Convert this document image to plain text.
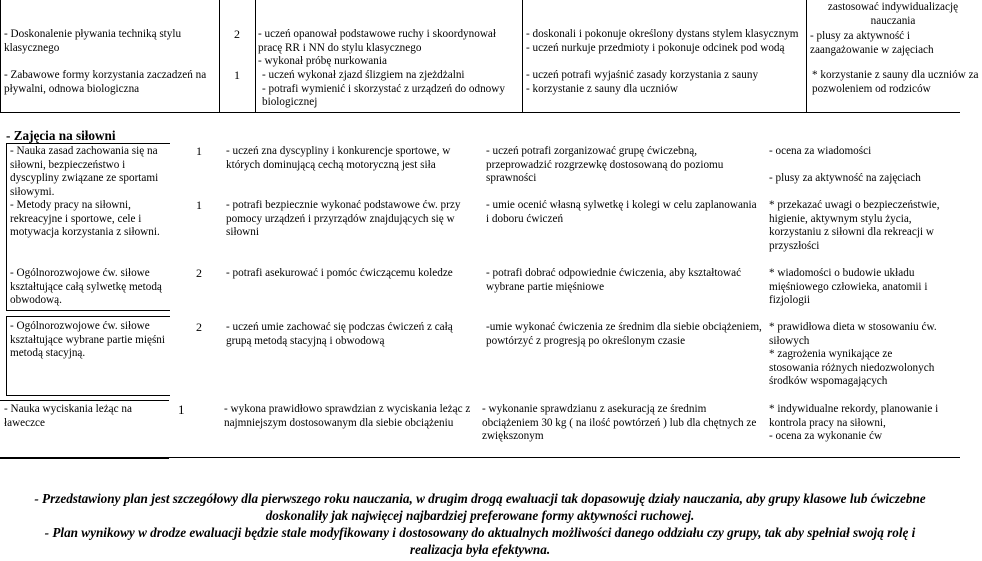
- Doskonalenie pływania techniką stylu klasycznego

2 - uczeń opanował podstawowe ruchy i skoordynował pracę RR i NN do stylu klasycznego

- wykonał próbę nurkowania

- doskonali i pokonuje określony dystans stylem klasycznym

- uczeń nurkuje przedmioty i pokonuje odcinek pod wodą

zastosować indywidualizację nauczania

- plusy za aktywność i zaangażowanie w zajęciach

- Zabawowe formy korzystania zaczadzeń na pływalni, odnowa biologiczna

1 - uczeń wykonał zjazd ślizgiem na zjeżdżalni

- potrafi wymienić i skorzystać z urządzeń do odnowy biologicznej

- uczeń potrafi wyjaśnić zasady korzystania z sauny

- korzystanie z sauny dla uczniów

* korzystanie z sauny dla uczniów za pozwoleniem od rodziców

- Zajęcia na siłowni

- Nauka zasad zachowania się na siłowni, bezpieczeństwo i dyscypliny związane ze sportami siłowymi.

- Metody pracy na siłowni, rekreacyjne i sportowe, cele i motywacja korzystania z siłowni.

- Ogólnorozwojowe ćw. siłowe kształtujące całą sylwetkę metodą obwodową.

- Ogólnorozwojowe ćw. siłowe kształtujące wybrane partie mięśni metodą stacyjną.

- Nauka wyciskania leżąc na ławeczce

1
1
2
2
1

- uczeń zna dyscypliny i konkurencje sportowe, w których dominującą cechą motoryczną jest siła

- potrafi bezpiecznie wykonać podstawowe ćw. przy pomocy urządzeń i przyrządów znajdujących się w siłowni

- potrafi asekurować i pomóc ćwiczącemu koledze

- uczeń umie zachować się podczas ćwiczeń z całą grupą metodą stacyjną i obwodową

- wykona prawidłowo sprawdzian z wyciskania leżąc z najmniejszym dostosowanym dla siebie obciążeniu

- uczeń potrafi zorganizować grupę ćwiczebną, przeprowadzić rozgrzewkę dostosowaną do poziomu sprawności

- umie ocenić własną sylwetkę i kolegi w celu zaplanowania i doboru ćwiczeń

- potrafi dobrać odpowiednie ćwiczenia, aby kształtować wybrane partie mięśniowe

-umie wykonać ćwiczenia ze średnim dla siebie obciążeniem, powtórzyć z progresją po określonym czasie

- wykonanie sprawdzianu z asekuracją ze średnim obciążeniem 30 kg ( na ilość powtórzeń ) lub dla chętnych ze zwiększonym

- ocena za wiadomości

- plusy za aktywność na zajęciach

* przekazać uwagi o bezpieczeństwie, higienie, aktywnym stylu życia, korzystaniu z siłowni dla rekreacji w przyszłości

* wiadomości o budowie układu mięśniowego człowieka, anatomii i fizjologii

* prawidłowa dieta w stosowaniu ćw. siłowych

* zagrożenia wynikające ze stosowania różnych niedozwolonych środków wspomagających

* indywidualne rekordy, planowanie i kontrola pracy na siłowni,

- ocena za wykonanie ćw

- Przedstawiony plan jest szczegółowy dla pierwszego roku nauczania, w drugim drogą ewaluacji tak dopasowuję działy nauczania, aby grupy klasowe lub ćwiczebne doskonaliły jak najwięcej najbardziej preferowane formy aktywności ruchowej.
- Plan wynikowy w drodze ewaluacji będzie stale modyfikowany i dostosowany do aktualnych możliwości danego oddziału czy grupy, tak aby spełniał swoją rolę i realizacja była efektywna.
